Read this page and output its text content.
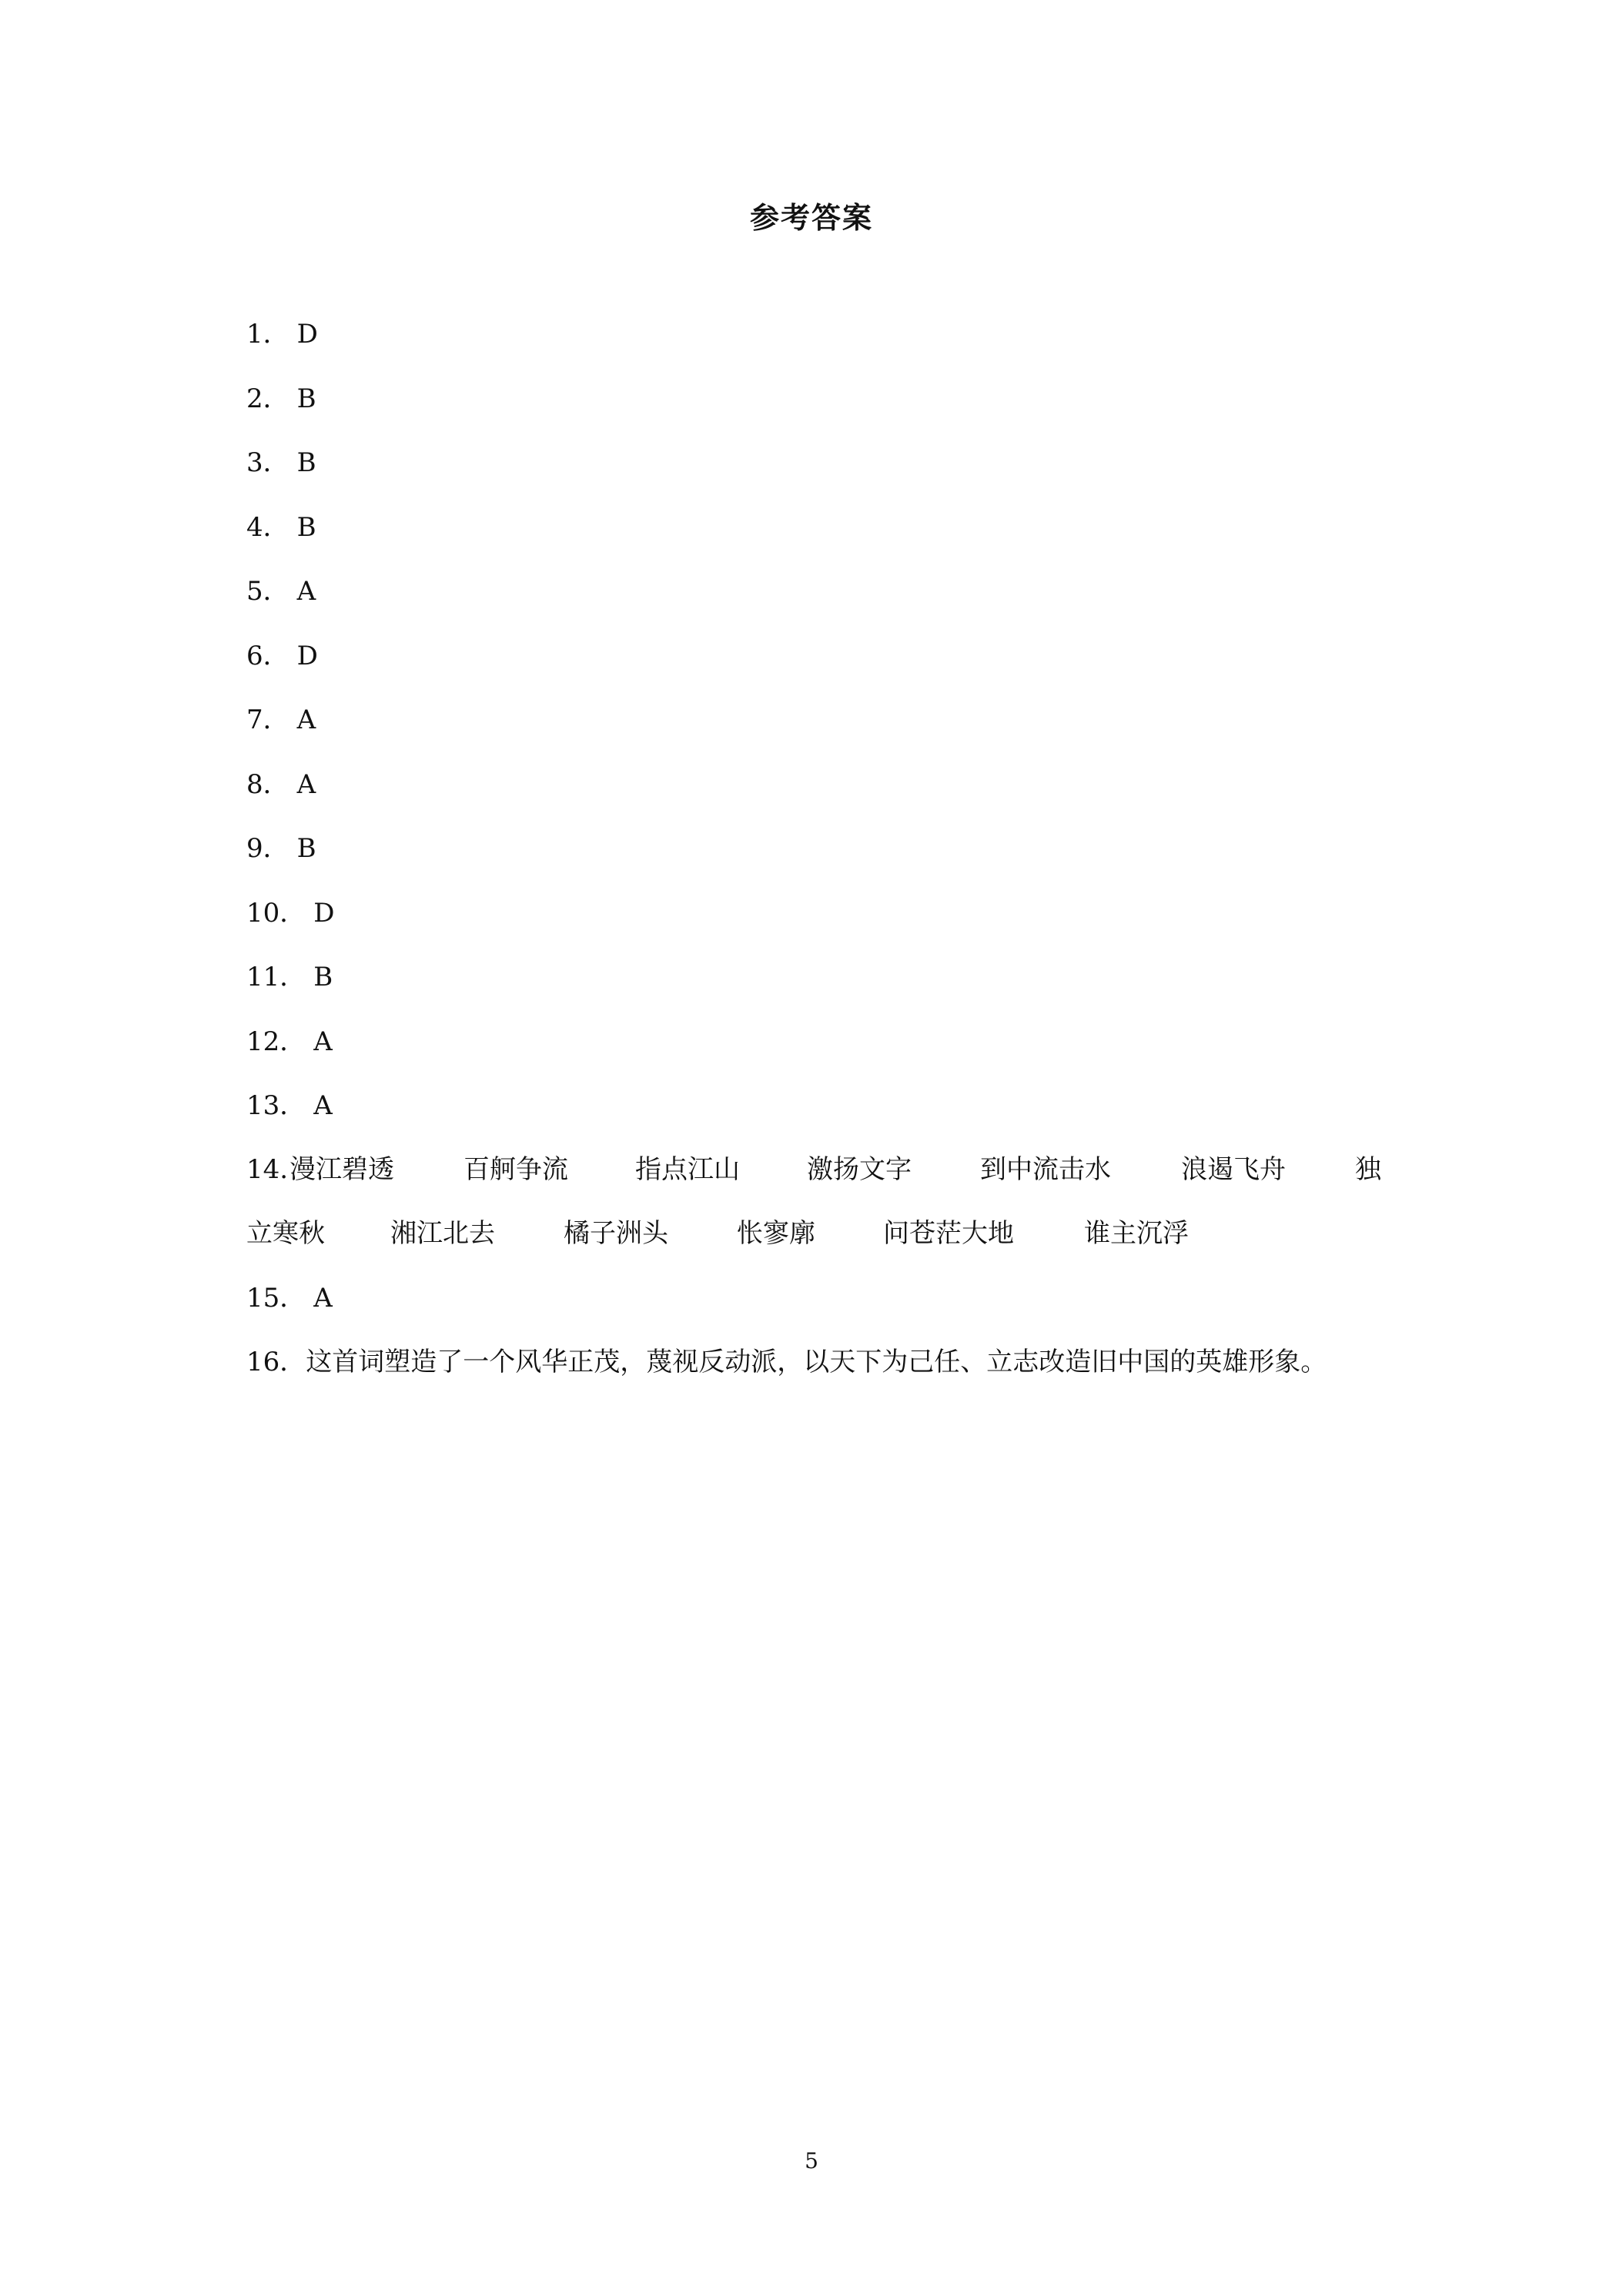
参考答案
1． D
2． B
3． B
4． B
5． A
6． D
7． A
8． A
9． B
10． D
11． B
12． A
13． A
14. 漫江碧透	百舸争流	指点江山	激扬文字	到中流击水	浪遏飞舟	独
立寒秋	湘江北去	橘子洲头	怅寥廓	问苍茫大地	谁主沉浮
15． A
16．这首词塑造了一个风华正茂，蔑视反动派，以天下为己任、立志改造旧中国的英雄形象。
5
